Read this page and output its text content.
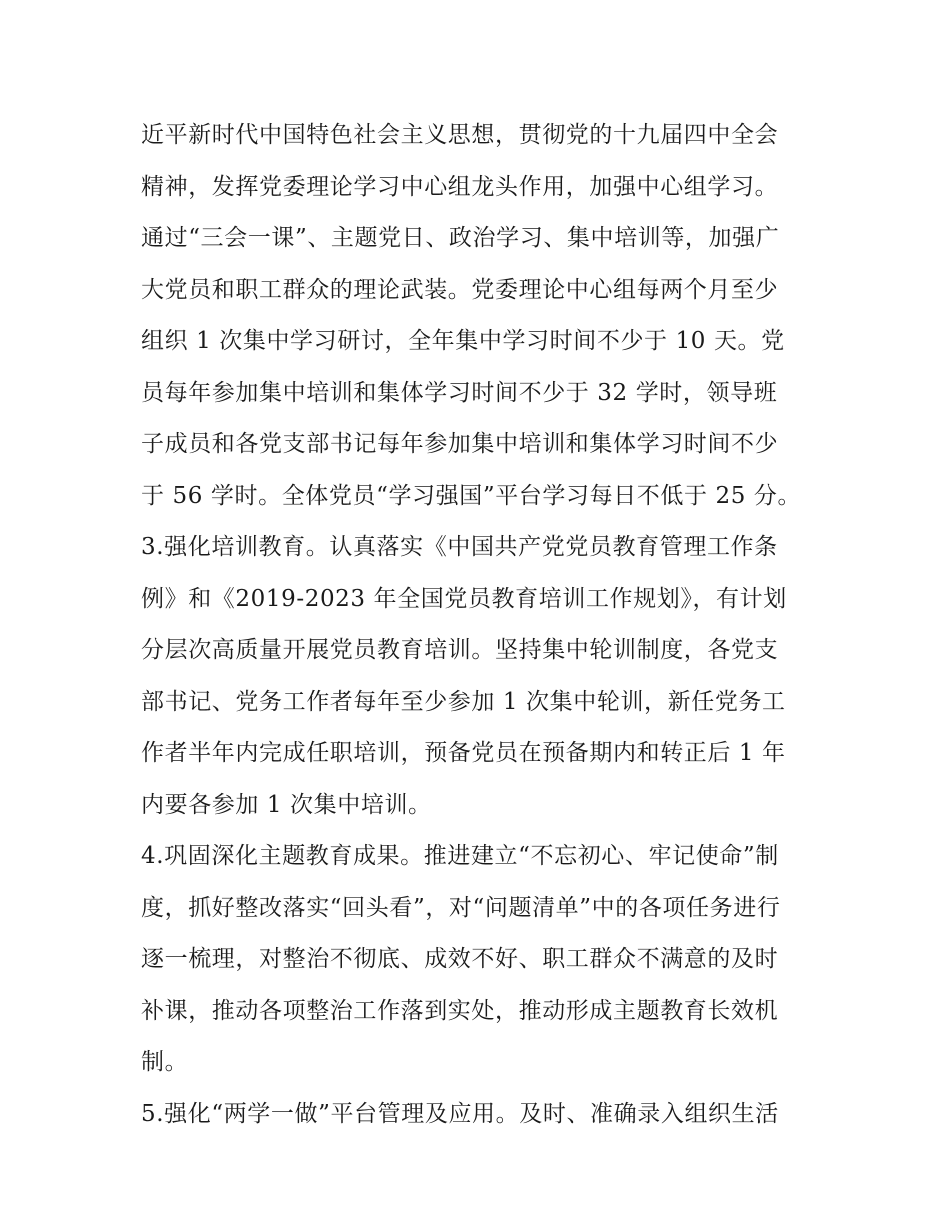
近平新时代中国特色社会主义思想，贯彻党的十九届四中全会
精神，发挥党委理论学习中心组龙头作用，加强中心组学习。
通过“三会一课”、主题党日、政治学习、集中培训等，加强广
大党员和职工群众的理论武装。党委理论中心组每两个月至少
组织 1 次集中学习研讨，全年集中学习时间不少于 10 天。党
员每年参加集中培训和集体学习时间不少于 32 学时，领导班
子成员和各党支部书记每年参加集中培训和集体学习时间不少
于 56 学时。全体党员“学习强国”平台学习每日不低于 25 分。
3.强化培训教育。认真落实《中国共产党党员教育管理工作条
例》和《2019-2023 年全国党员教育培训工作规划》，有计划
分层次高质量开展党员教育培训。坚持集中轮训制度，各党支
部书记、党务工作者每年至少参加 1 次集中轮训，新任党务工
作者半年内完成任职培训，预备党员在预备期内和转正后 1 年
内要各参加 1 次集中培训。
4.巩固深化主题教育成果。推进建立“不忘初心、牢记使命”制
度，抓好整改落实“回头看”，对“问题清单”中的各项任务进行
逐一梳理，对整治不彻底、成效不好、职工群众不满意的及时
补课，推动各项整治工作落到实处，推动形成主题教育长效机
制。
5.强化“两学一做”平台管理及应用。及时、准确录入组织生活
